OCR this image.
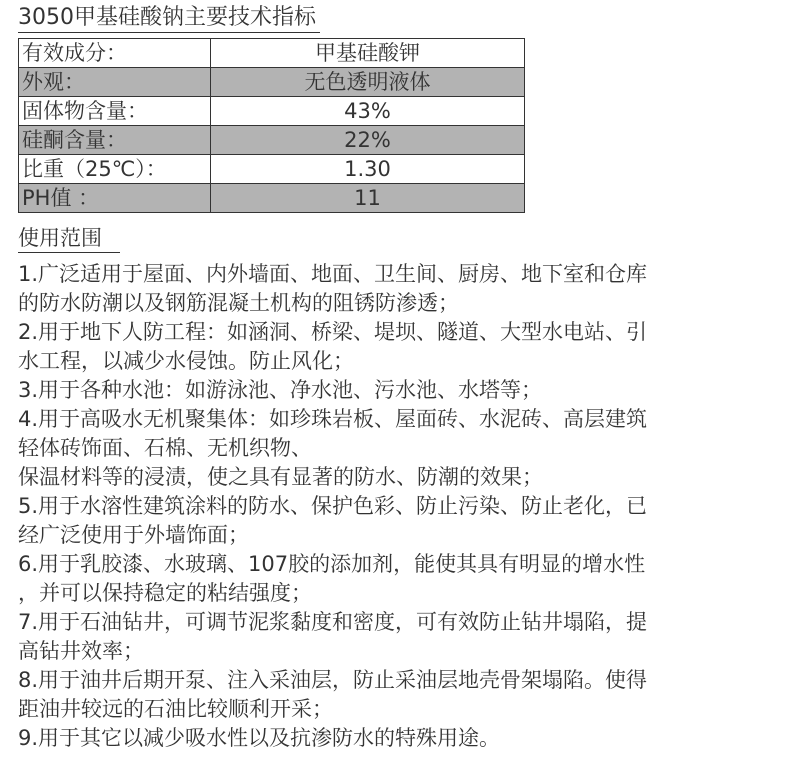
3050甲基硅酸钠主要技术指标
有效成分：	甲基硅酸钾
外观：	无色透明液体
固体物含量：	43%
硅酮含量：	22%
比重（25℃）：	1.30
PH值 ：	11
使用范围
1.广泛适用于屋面、内外墙面、地面、卫生间、厨房、地下室和仓库
的防水防潮以及钢筋混凝土机构的阻锈防渗透；
2.用于地下人防工程：如涵洞、桥梁、堤坝、隧道、大型水电站、引
水工程，以减少水侵蚀。防止风化；
3.用于各种水池：如游泳池、净水池、污水池、水塔等；
4.用于高吸水无机聚集体：如珍珠岩板、屋面砖、水泥砖、高层建筑
轻体砖饰面、石棉、无机织物、
保温材料等的浸渍，使之具有显著的防水、防潮的效果；
5.用于水溶性建筑涂料的防水、保护色彩、防止污染、防止老化，已
经广泛使用于外墙饰面；
6.用于乳胶漆、水玻璃、107胶的添加剂，能使其具有明显的增水性
，并可以保持稳定的粘结强度；
7.用于石油钻井，可调节泥浆黏度和密度，可有效防止钻井塌陷，提
高钻井效率；
8.用于油井后期开泵、注入采油层，防止采油层地壳骨架塌陷。使得
距油井较远的石油比较顺利开采；
9.用于其它以减少吸水性以及抗渗防水的特殊用途。
